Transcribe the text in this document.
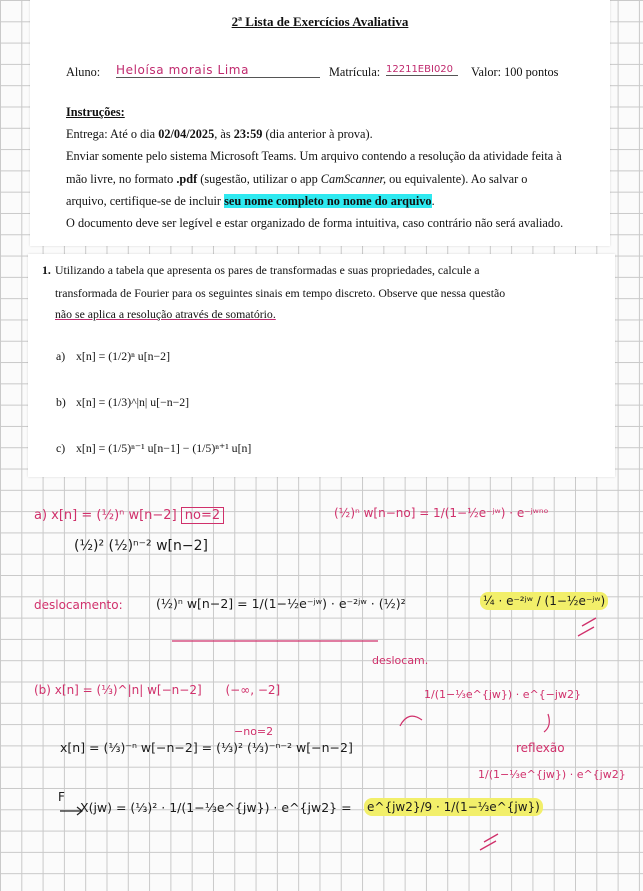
2ª Lista de Exercícios Avaliativa
Aluno: Heloísa morais Lima	Matrícula: 12211EBI020	Valor: 100 pontos
Instruções:
Entrega: Até o dia 02/04/2025, às 23:59 (dia anterior à prova).
Enviar somente pelo sistema Microsoft Teams. Um arquivo contendo a resolução da atividade feita à
mão livre, no formato .pdf (sugestão, utilizar o app CamScanner, ou equivalente). Ao salvar o
arquivo, certifique-se de incluir seu nome completo no nome do arquivo.
O documento deve ser legível e estar organizado de forma intuitiva, caso contrário não será avaliado.
1. Utilizando a tabela que apresenta os pares de transformadas e suas propriedades, calcule a
transformada de Fourier para os seguintes sinais em tempo discreto. Observe que nessa questão
não se aplica a resolução através de somatório.
a) x[n] = (1/2)ⁿ u[n−2]
b) x[n] = (1/3)^|n| u[−n−2]
c) x[n] = (1/5)ⁿ⁻¹ u[n−1] − (1/5)ⁿ⁺¹ u[n]
a) x[n] = (½)ⁿ w[n−2] no=2	(½)ⁿ w[n−no] = 1/(1−½e⁻ʲʷ) · e⁻ʲʷⁿᵒ
(½)² (½)ⁿ⁻² w[n−2]
deslocamento:	(½)ⁿ w[n−2] = 1/(1−½e⁻ʲʷ) · e⁻²ʲʷ · (½)²	¼ · e⁻²ʲʷ / (1−½e⁻ʲʷ)
deslocam.
(b) x[n] = (⅓)^|n| w[−n−2] (−∞, −2]	1/(1−⅓e^{jw}) · e^{−jw2}
−no=2
x[n] = (⅓)⁻ⁿ w[−n−2] = (⅓)² (⅓)⁻ⁿ⁻² w[−n−2]	reflexão
1/(1−⅓e^{jw}) · e^{jw2}
F
X(jw) = (⅓)² · 1/(1−⅓e^{jw}) · e^{jw2} = e^{jw2}/9 · 1/(1−⅓e^{jw})
